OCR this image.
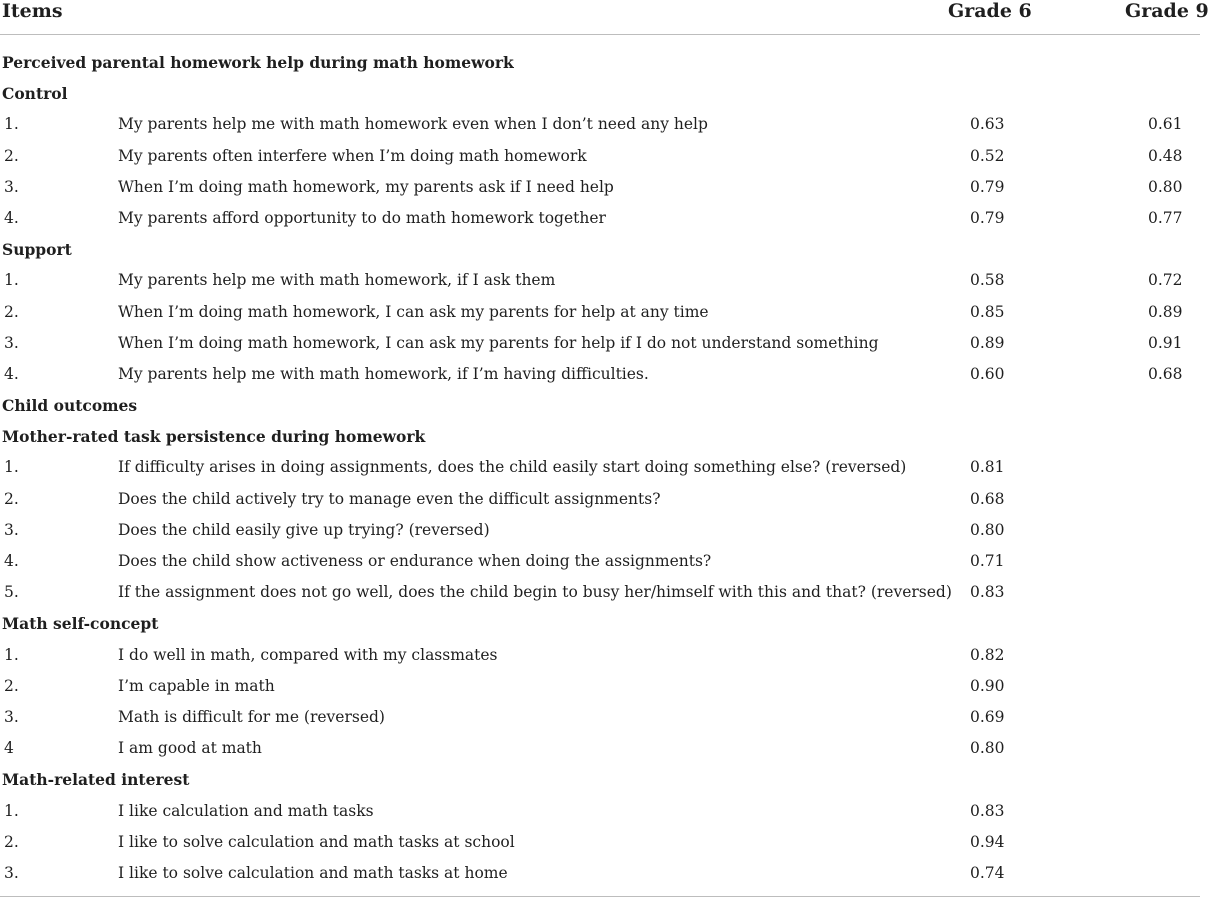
Items	Grade 6	Grade 9
Perceived parental homework help during math homework
Control
1.	My parents help me with math homework even when I don’t need any help	0.63	0.61
2.	My parents often interfere when I’m doing math homework	0.52	0.48
3.	When I’m doing math homework, my parents ask if I need help	0.79	0.80
4.	My parents afford opportunity to do math homework together	0.79	0.77
Support
1.	My parents help me with math homework, if I ask them	0.58	0.72
2.	When I’m doing math homework, I can ask my parents for help at any time	0.85	0.89
3.	When I’m doing math homework, I can ask my parents for help if I do not understand something	0.89	0.91
4.	My parents help me with math homework, if I’m having difficulties.	0.60	0.68
Child outcomes
Mother-rated task persistence during homework
1.	If difficulty arises in doing assignments, does the child easily start doing something else? (reversed)	0.81
2.	Does the child actively try to manage even the difficult assignments?	0.68
3.	Does the child easily give up trying? (reversed)	0.80
4.	Does the child show activeness or endurance when doing the assignments?	0.71
5.	If the assignment does not go well, does the child begin to busy her/himself with this and that? (reversed) 0.83
Math self-concept
1.	I do well in math, compared with my classmates	0.82
2.	I’m capable in math	0.90
3.	Math is difficult for me (reversed)	0.69
4	I am good at math	0.80
Math-related interest
1.	I like calculation and math tasks	0.83
2.	I like to solve calculation and math tasks at school	0.94
3.	I like to solve calculation and math tasks at home	0.74
